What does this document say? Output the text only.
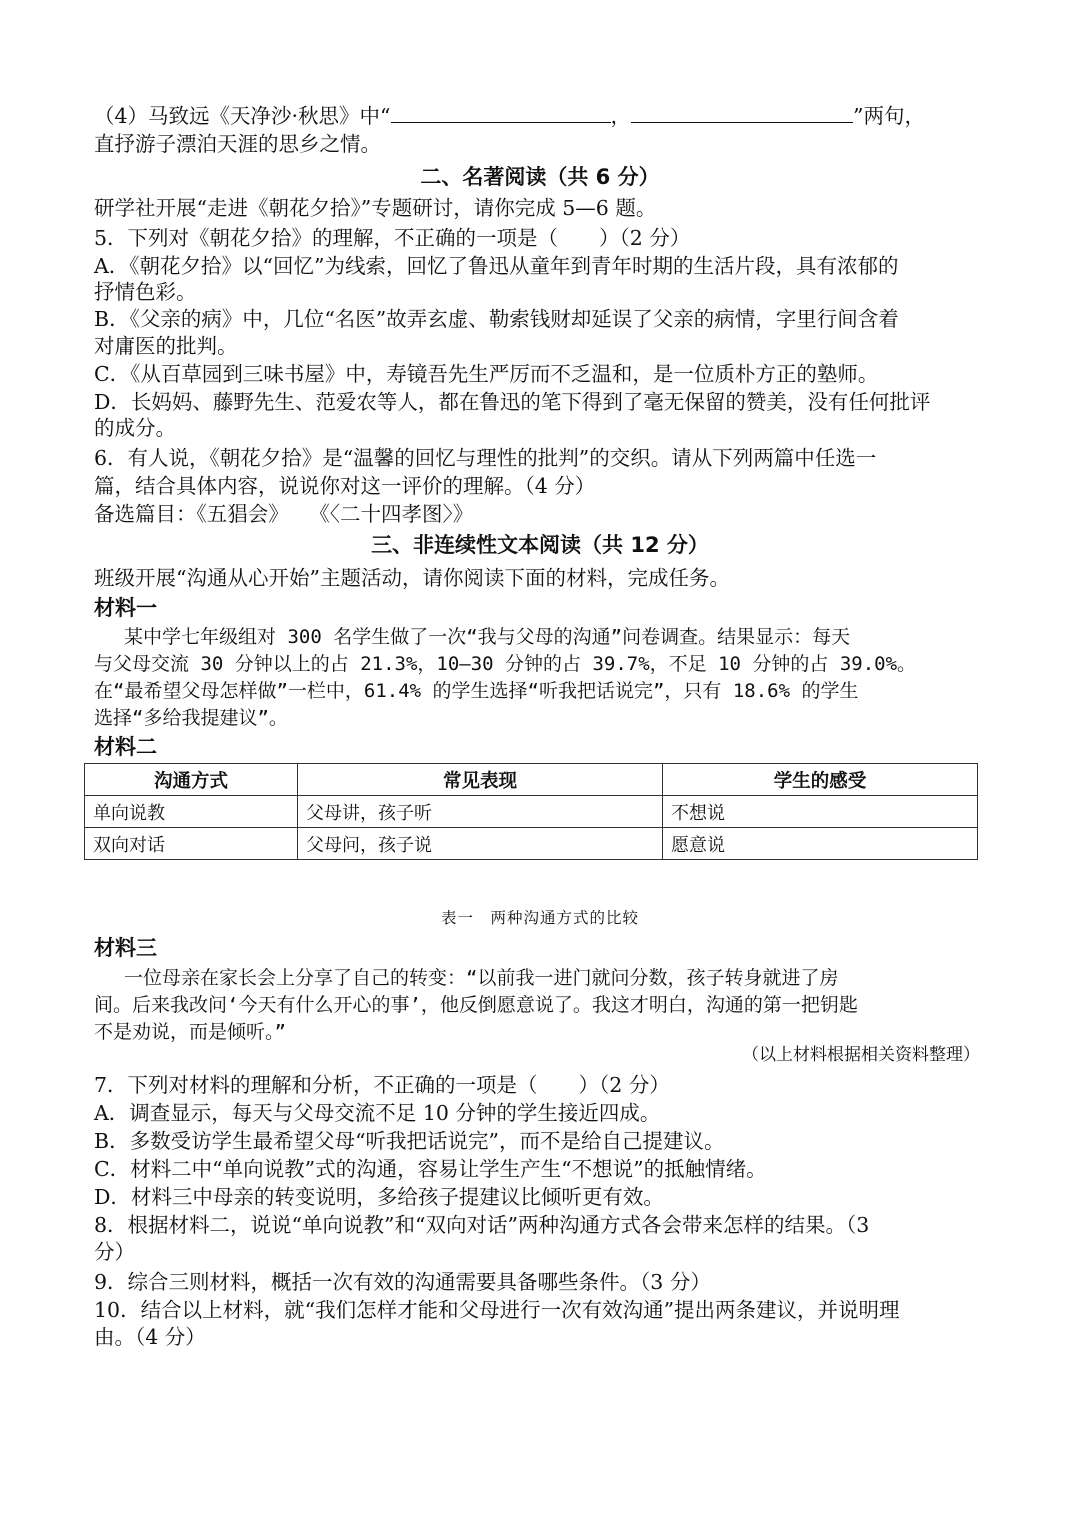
（4）马致远《天净沙·秋思》中“	，	”两句，
直抒游子漂泊天涯的思乡之情。
二、名著阅读（共 6 分）
研学社开展“走进《朝花夕拾》”专题研讨，请你完成 5—6 题。
5．下列对《朝花夕拾》的理解，不正确的一项是（　　）（2 分）
A．《朝花夕拾》以“回忆”为线索，回忆了鲁迅从童年到青年时期的生活片段，具有浓郁的
抒情色彩。
B．《父亲的病》中，几位“名医”故弄玄虚、勒索钱财却延误了父亲的病情，字里行间含着
对庸医的批判。
C．《从百草园到三味书屋》中，寿镜吾先生严厉而不乏温和，是一位质朴方正的塾师。
D．长妈妈、藤野先生、范爱农等人，都在鲁迅的笔下得到了毫无保留的赞美，没有任何批评
的成分。
6．有人说，《朝花夕拾》是“温馨的回忆与理性的批判”的交织。请从下列两篇中任选一
篇，结合具体内容，说说你对这一评价的理解。（4 分）
备选篇目：《五猖会》　　《〈二十四孝图〉》
三、非连续性文本阅读（共 12 分）
班级开展“沟通从心开始”主题活动，请你阅读下面的材料，完成任务。
材料一
某中学七年级组对 300 名学生做了一次“我与父母的沟通”问卷调查。结果显示：每天
与父母交流 30 分钟以上的占 21.3%，10—30 分钟的占 39.7%，不足 10 分钟的占 39.0%。
在“最希望父母怎样做”一栏中，61.4% 的学生选择“听我把话说完”，只有 18.6% 的学生
选择“多给我提建议”。
材料二
沟通方式	常见表现	学生的感受
单向说教	父母讲，孩子听	不想说
双向对话	父母问，孩子说	愿意说
表一　两种沟通方式的比较
材料三
一位母亲在家长会上分享了自己的转变：“以前我一进门就问分数，孩子转身就进了房
间。后来我改问‘今天有什么开心的事’，他反倒愿意说了。我这才明白，沟通的第一把钥匙
不是劝说，而是倾听。”
（以上材料根据相关资料整理）
7．下列对材料的理解和分析，不正确的一项是（　　）（2 分）
A．调查显示，每天与父母交流不足 10 分钟的学生接近四成。
B．多数受访学生最希望父母“听我把话说完”，而不是给自己提建议。
C．材料二中“单向说教”式的沟通，容易让学生产生“不想说”的抵触情绪。
D．材料三中母亲的转变说明，多给孩子提建议比倾听更有效。
8．根据材料二，说说“单向说教”和“双向对话”两种沟通方式各会带来怎样的结果。（3
分）
9．综合三则材料，概括一次有效的沟通需要具备哪些条件。（3 分）
10．结合以上材料，就“我们怎样才能和父母进行一次有效沟通”提出两条建议，并说明理
由。（4 分）
